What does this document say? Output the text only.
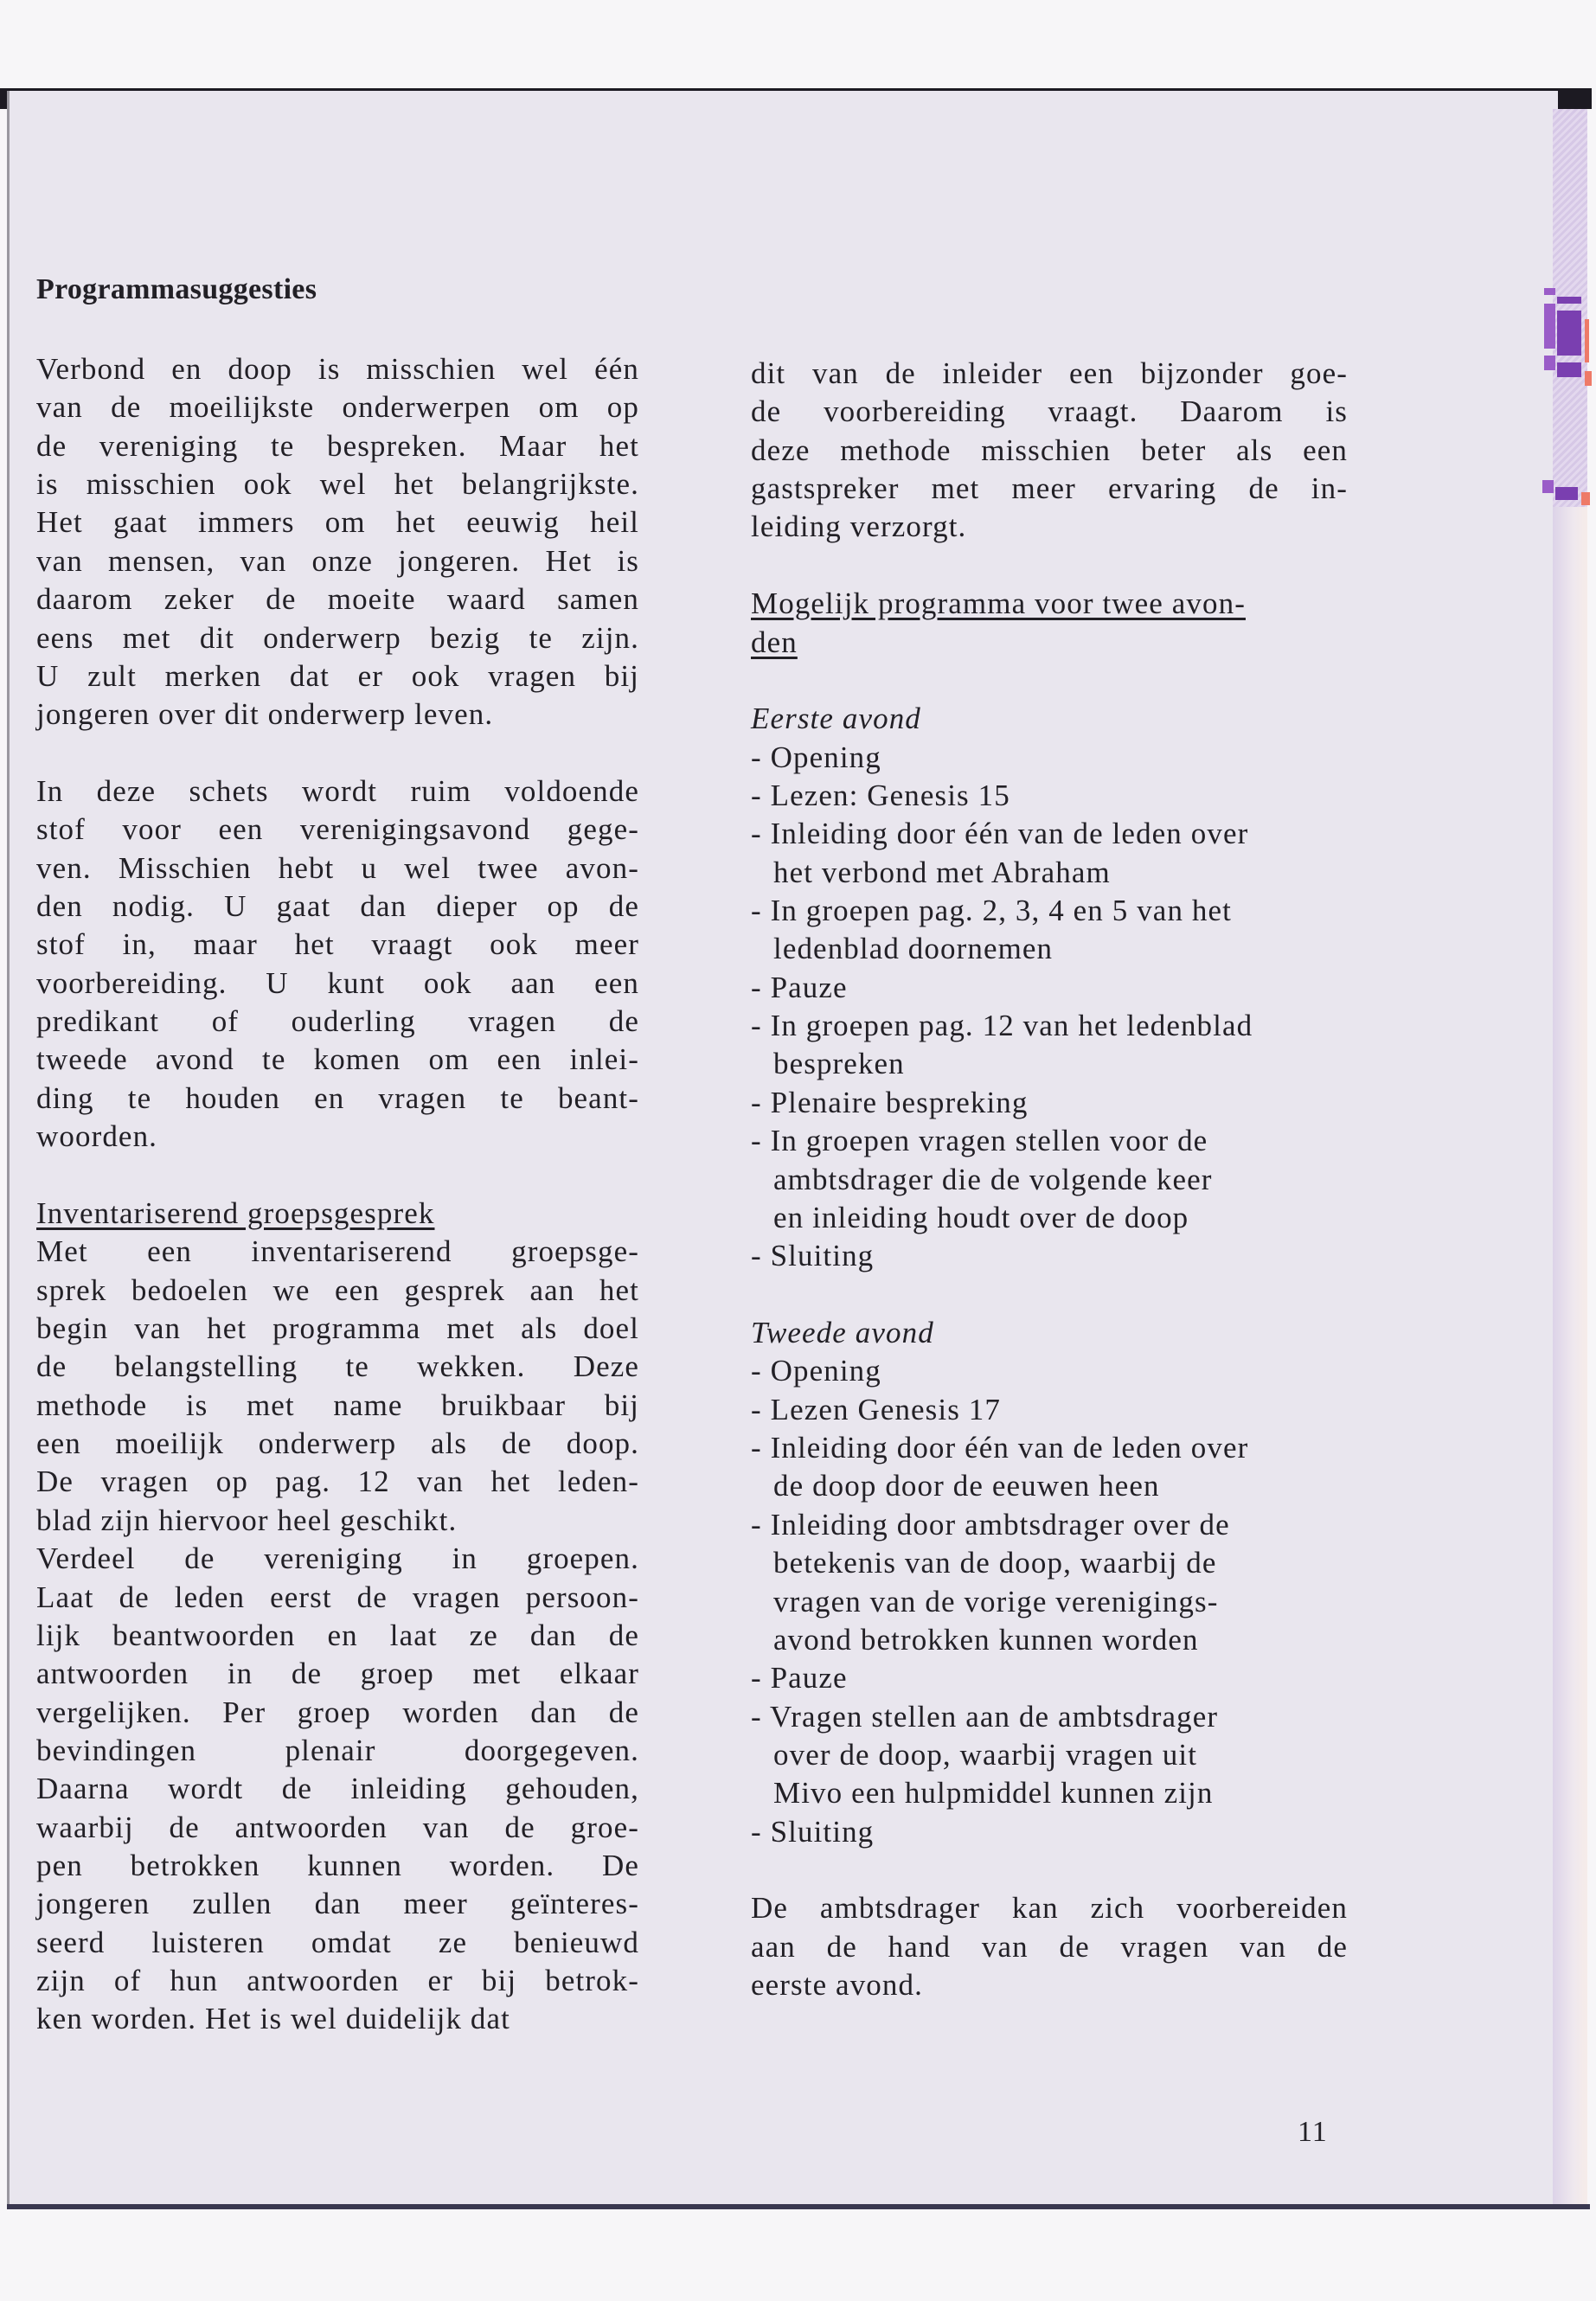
Programmasuggesties
Verbond en doop is misschien wel één
van de moeilijkste onderwerpen om op
de vereniging te bespreken. Maar het
is misschien ook wel het belangrijkste.
Het gaat immers om het eeuwig heil
van mensen, van onze jongeren. Het is
daarom zeker de moeite waard samen
eens met dit onderwerp bezig te zijn.
U zult merken dat er ook vragen bij
jongeren over dit onderwerp leven.
In deze schets wordt ruim voldoende
stof voor een verenigingsavond gege-
ven. Misschien hebt u wel twee avon-
den nodig. U gaat dan dieper op de
stof in, maar het vraagt ook meer
voorbereiding. U kunt ook aan een
predikant of ouderling vragen de
tweede avond te komen om een inlei-
ding te houden en vragen te beant-
woorden.
Inventariserend groepsgesprek
Met een inventariserend groepsge-
sprek bedoelen we een gesprek aan het
begin van het programma met als doel
de belangstelling te wekken. Deze
methode is met name bruikbaar bij
een moeilijk onderwerp als de doop.
De vragen op pag. 12 van het leden-
blad zijn hiervoor heel geschikt.
Verdeel de vereniging in groepen.
Laat de leden eerst de vragen persoon-
lijk beantwoorden en laat ze dan de
antwoorden in de groep met elkaar
vergelijken. Per groep worden dan de
bevindingen plenair doorgegeven.
Daarna wordt de inleiding gehouden,
waarbij de antwoorden van de groe-
pen betrokken kunnen worden. De
jongeren zullen dan meer geïnteres-
seerd luisteren omdat ze benieuwd
zijn of hun antwoorden er bij betrok-
ken worden. Het is wel duidelijk dat
dit van de inleider een bijzonder goe-
de voorbereiding vraagt. Daarom is
deze methode misschien beter als een
gastspreker met meer ervaring de in-
leiding verzorgt.
Mogelijk programma voor twee avon-
den
Eerste avond
- Opening
- Lezen: Genesis 15
- Inleiding door één van de leden over
het verbond met Abraham
- In groepen pag. 2, 3, 4 en 5 van het
ledenblad doornemen
- Pauze
- In groepen pag. 12 van het ledenblad
bespreken
- Plenaire bespreking
- In groepen vragen stellen voor de
ambtsdrager die de volgende keer
en inleiding houdt over de doop
- Sluiting
Tweede avond
- Opening
- Lezen Genesis 17
- Inleiding door één van de leden over
de doop door de eeuwen heen
- Inleiding door ambtsdrager over de
betekenis van de doop, waarbij de
vragen van de vorige verenigings-
avond betrokken kunnen worden
- Pauze
- Vragen stellen aan de ambtsdrager
over de doop, waarbij vragen uit
Mivo een hulpmiddel kunnen zijn
- Sluiting
De ambtsdrager kan zich voorbereiden
aan de hand van de vragen van de
eerste avond.
11
